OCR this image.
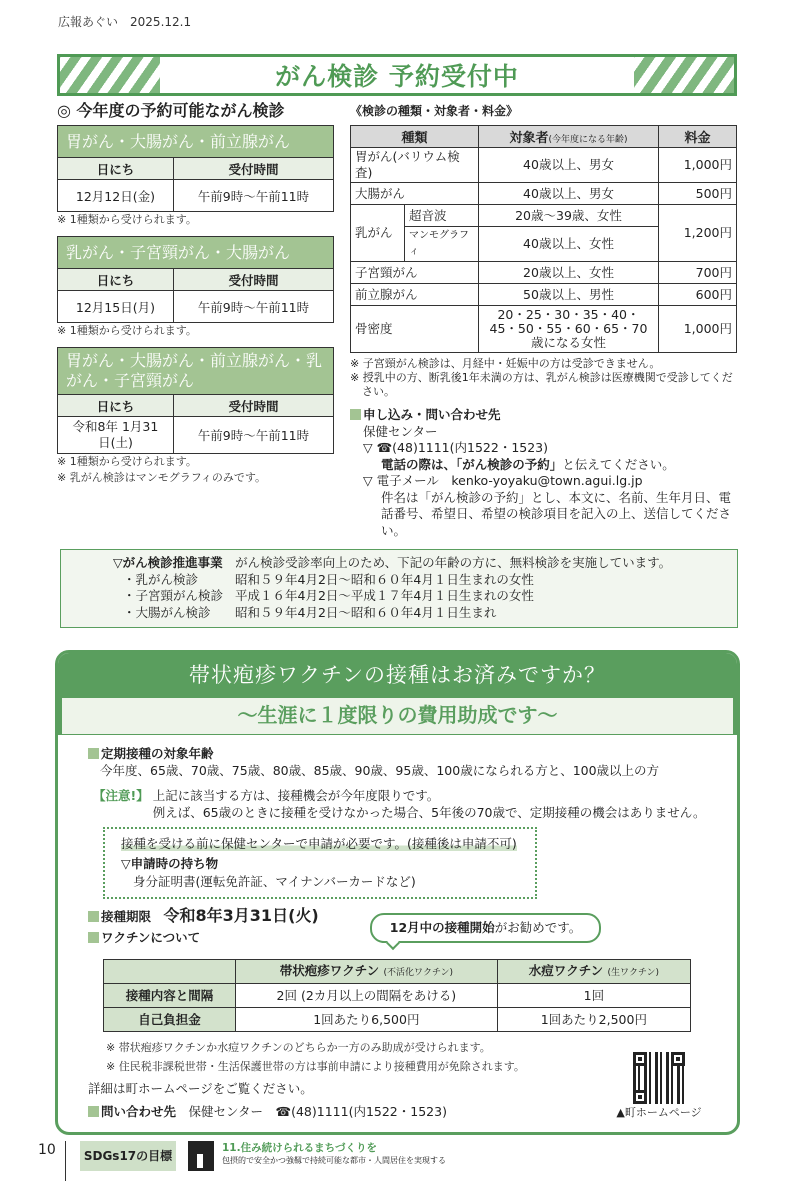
広報あぐい　 2025.12.1
がん検診 予約受付中
◎ 今年度の予約可能ながん検診
胃がん・大腸がん・前立腺がん	
日にち	受付時間
12月12日(金)	午前9時～午前11時
※ 1種類から受けられます。
乳がん・子宮頸がん・大腸がん	
日にち	受付時間
12月15日(月)	午前9時～午前11時
※ 1種類から受けられます。
胃がん・大腸がん・前立腺がん・乳がん・子宮頸がん	
日にち	受付時間
令和8年 1月31日(土)	午前9時～午前11時
※ 1種類から受けられます。
※ 乳がん検診はマンモグラフィのみです。
《検診の種類・対象者・料金》
種類		対象者(今年度になる年齢)	料金
胃がん(バリウム検査)		40歳以上、男女	1,000円
大腸がん		40歳以上、男女	500円
乳がん	超音波	20歳～39歳、女性	1,200円
	マンモグラフィ	40歳以上、女性	
子宮頸がん		20歳以上、女性	700円
前立腺がん		50歳以上、男性	600円
骨密度		20・25・30・35・40・45・50・55・60・65・70歳になる女性	1,000円
※ 子宮頸がん検診は、月経中・妊娠中の方は受診できません。
※ 授乳中の方、断乳後1年未満の方は、乳がん検診は医療機関で受診してください。
申し込み・問い合わせ先
保健センター
▽ ☎(48)1111(内1522・1523)
電話の際は、「がん検診の予約」と伝えてください。
▽ 電子メール　kenko-yoyaku@town.agui.lg.jp
件名は「がん検診の予約」とし、本文に、名前、生年月日、電話番号、希望日、希望の検診項目を記入の上、送信してください。
▽がん検診推進事業　 がん検診受診率向上のため、下記の年齢の方に、無料検診を実施しています。
・乳がん検診	昭和５９年4月2日～昭和６０年4月１日生まれの女性
・子宮頸がん検診 平成１６年4月2日～平成１７年4月１日生まれの女性
・大腸がん検診 昭和５９年4月2日～昭和６０年4月１日生まれ
帯状疱疹ワクチンの接種はお済みですか？
～生涯に１度限りの費用助成です～
定期接種の対象年齢
今年度、65歳、70歳、75歳、80歳、85歳、90歳、95歳、100歳になられる方と、100歳以上の方
【注意!】 上記に該当する方は、接種機会が今年度限りです。
例えば、65歳のときに接種を受けなかった場合、5年後の70歳で、定期接種の機会はありません。
接種を受ける前に保健センターで申請が必要です。(接種後は申請不可)
▽申請時の持ち物
身分証明書(運転免許証、マイナンバーカードなど)
接種期限　 令和8年3月31日(火)
ワクチンについて
12月中の接種開始がお勧めです。
	帯状疱疹ワクチン (不活化ワクチン)	水痘ワクチン (生ワクチン)
接種内容と間隔	2回 (2カ月以上の間隔をあける)	1回
自己負担金	1回あたり6,500円	1回あたり2,500円
※ 帯状疱疹ワクチンか水痘ワクチンのどちらか一方のみ助成が受けられます。
※ 住民税非課税世帯・生活保護世帯の方は事前申請により接種費用が免除されます。
詳細は町ホームページをご覧ください。
問い合わせ先　 保健センター　☎(48)1111(内1522・1523)	▲町ホームページ
10	SDGs17の目標
11.住み続けられるまちづくりを
包摂的で安全かつ強靱で持続可能な都市・人間居住を実現する
